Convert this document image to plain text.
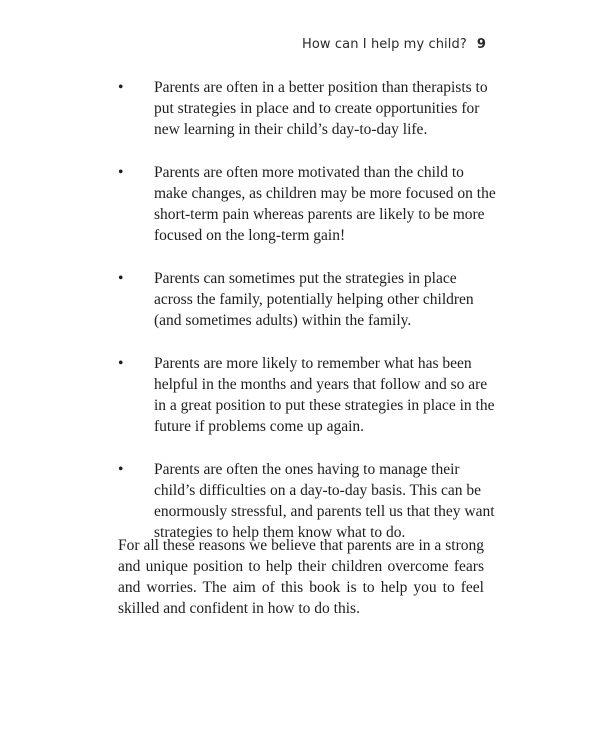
How can I help my child? 9
• Parents are often in a better position than therapists to put strategies in place and to create opportunities for new learning in their child’s day-to-day life.
• Parents are often more motivated than the child to make changes, as children may be more focused on the short-term pain whereas parents are likely to be more focused on the long-term gain!
• Parents can sometimes put the strategies in place across the family, potentially helping other children (and sometimes adults) within the family.
• Parents are more likely to remember what has been helpful in the months and years that follow and so are in a great position to put these strategies in place in the future if problems come up again.
• Parents are often the ones having to manage their child’s difficulties on a day-to-day basis. This can be enormously stressful, and parents tell us that they want strategies to help them know what to do.

For all these reasons we believe that parents are in a strong and unique position to help their children overcome fears and worries. The aim of this book is to help you to feel skilled and confident in how to do this.
